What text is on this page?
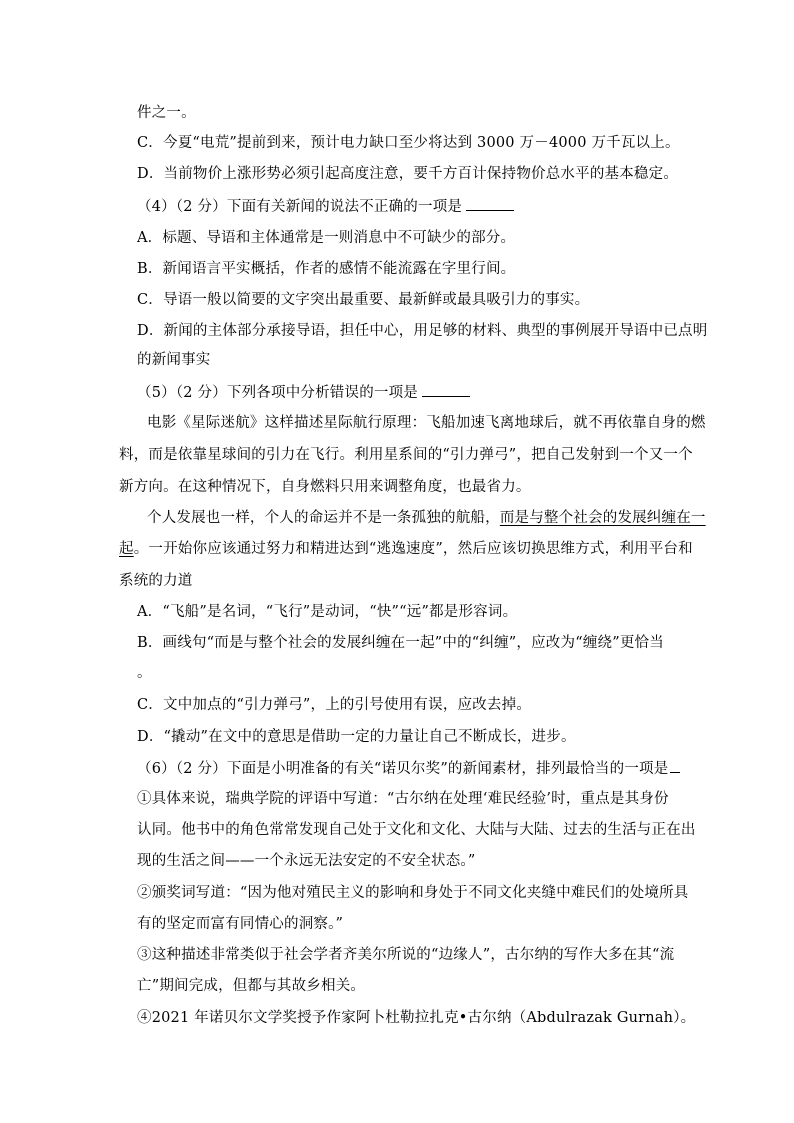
件之一。
C．今夏“电荒”提前到来，预计电力缺口至少将达到 3000 万－4000 万千瓦以上。
D．当前物价上涨形势必须引起高度注意，要千方百计保持物价总水平的基本稳定。
（4）（2 分）下面有关新闻的说法不正确的一项是
A．标题、导语和主体通常是一则消息中不可缺少的部分。
B．新闻语言平实概括，作者的感情不能流露在字里行间。
C．导语一般以简要的文字突出最重要、最新鲜或最具吸引力的事实。
D．新闻的主体部分承接导语，担任中心，用足够的材料、典型的事例展开导语中已点明
的新闻事实
（5）（2 分）下列各项中分析错误的一项是
电影《星际迷航》这样描述星际航行原理：飞船加速飞离地球后，就不再依靠自身的燃
料，而是依靠星球间的引力在飞行。利用星系间的“引力弹弓”，把自己发射到一个又一个
新方向。在这种情况下，自身燃料只用来调整角度，也最省力。
个人发展也一样，个人的命运并不是一条孤独的航船，而是与整个社会的发展纠缠在一
起。一开始你应该通过努力和精进达到“逃逸速度”，然后应该切换思维方式，利用平台和
系统的力道
A．“飞船”是名词，“飞行”是动词，“快”“远”都是形容词。
B．画线句“而是与整个社会的发展纠缠在一起”中的“纠缠”，应改为“缠绕”更恰当
。
C．文中加点的“引力弹弓”，上的引号使用有误，应改去掉。
D．“撬动”在文中的意思是借助一定的力量让自己不断成长，进步。
（6）（2 分）下面是小明准备的有关“诺贝尔奖”的新闻素材，排列最恰当的一项是
①具体来说，瑞典学院的评语中写道：“古尔纳在处理‘难民经验’时，重点是其身份
认同。他书中的角色常常发现自己处于文化和文化、大陆与大陆、过去的生活与正在出
现的生活之间——一个永远无法安定的不安全状态。”
②颁奖词写道：“因为他对殖民主义的影响和身处于不同文化夹缝中难民们的处境所具
有的坚定而富有同情心的洞察。”
③这种描述非常类似于社会学者齐美尔所说的“边缘人”，古尔纳的写作大多在其“流
亡”期间完成，但都与其故乡相关。
④2021 年诺贝尔文学奖授予作家阿卜杜勒拉扎克•古尔纳（Abdulrazak Gurnah）。
